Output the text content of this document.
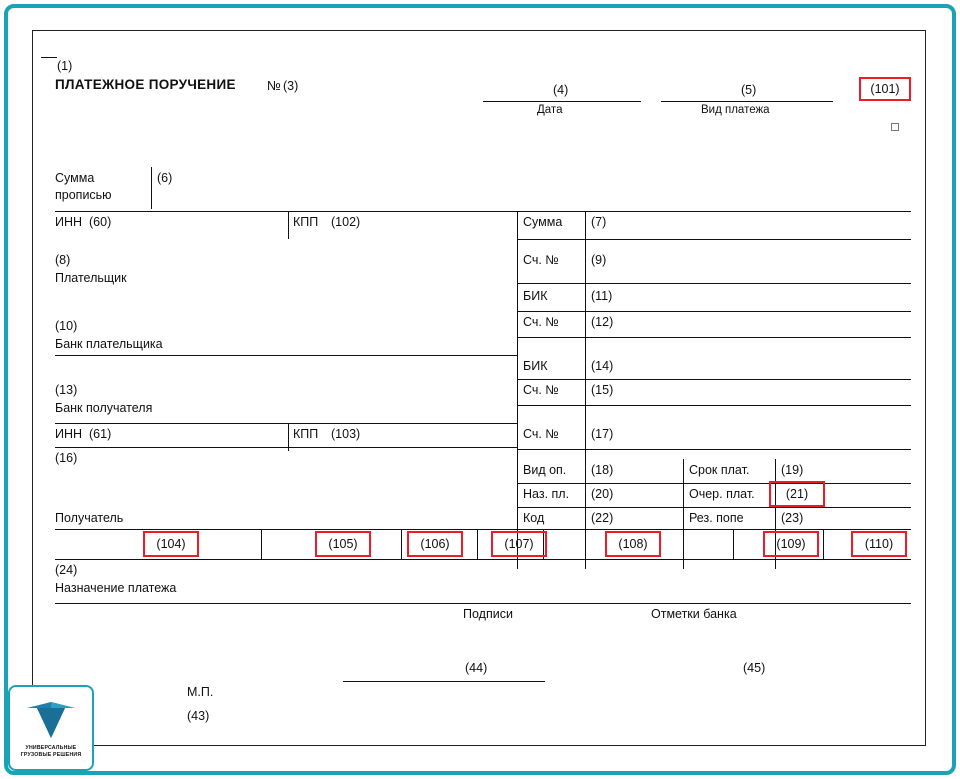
(1)
ПЛАТЕЖНОЕ ПОРУЧЕНИЕ № (3)	(4)
Дата
(5)
Вид платежа
(101)
Сумма
прописью
(6)
ИНН (60)	КПП (102)	Сумма (7)
(8)
Плательщик
Сч. №	(9)
БИК	(11)
Сч. №	(12)
(10)
Банк плательщика
БИК	(14)
Сч. №	(15)
(13)
Банк получателя
ИНН (61)	КПП (103)	Сч. №	(17)
(16)
Вид оп. (18)	Срок плат.	(19)
Наз. пл. (20)	Очер. плат.	(21)
Получатель	Код	(22)	Рез. попе	(23)
(104)	(105)	(106)	(107)	(108)	(109)	(110)
(24)
Назначение платежа
Подписи	Отметки банка
(44)	(45)
М.П.
(43)
УНИВЕРСАЛЬНЫЕ
ГРУЗОВЫЕ РЕШЕНИЯ
